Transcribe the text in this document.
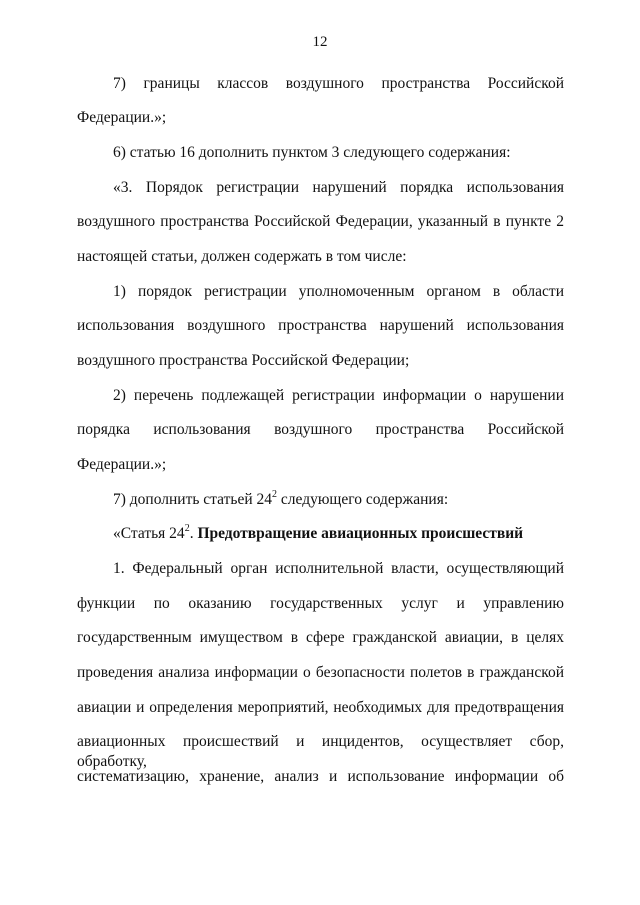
12
7) границы классов воздушного пространства Российской
Федерации.»;
6) статью 16 дополнить пунктом 3 следующего содержания:
«3. Порядок регистрации нарушений порядка использования
воздушного пространства Российской Федерации, указанный в пункте 2
настоящей статьи, должен содержать в том числе:
1) порядок регистрации уполномоченным органом в области
использования воздушного пространства нарушений использования
воздушного пространства Российской Федерации;
2) перечень подлежащей регистрации информации о нарушении
порядка использования воздушного пространства Российской
Федерации.»;
7) дополнить статьей $24^2$ следующего содержания:
«Статья $24^2$. Предотвращение авиационных происшествий
1. Федеральный орган исполнительной власти, осуществляющий
функции по оказанию государственных услуг и управлению
государственным имуществом в сфере гражданской авиации, в целях
проведения анализа информации о безопасности полетов в гражданской
авиации и определения мероприятий, необходимых для предотвращения
авиационных происшествий и инцидентов, осуществляет сбор, обработку,
систематизацию, хранение, анализ и использование информации об
